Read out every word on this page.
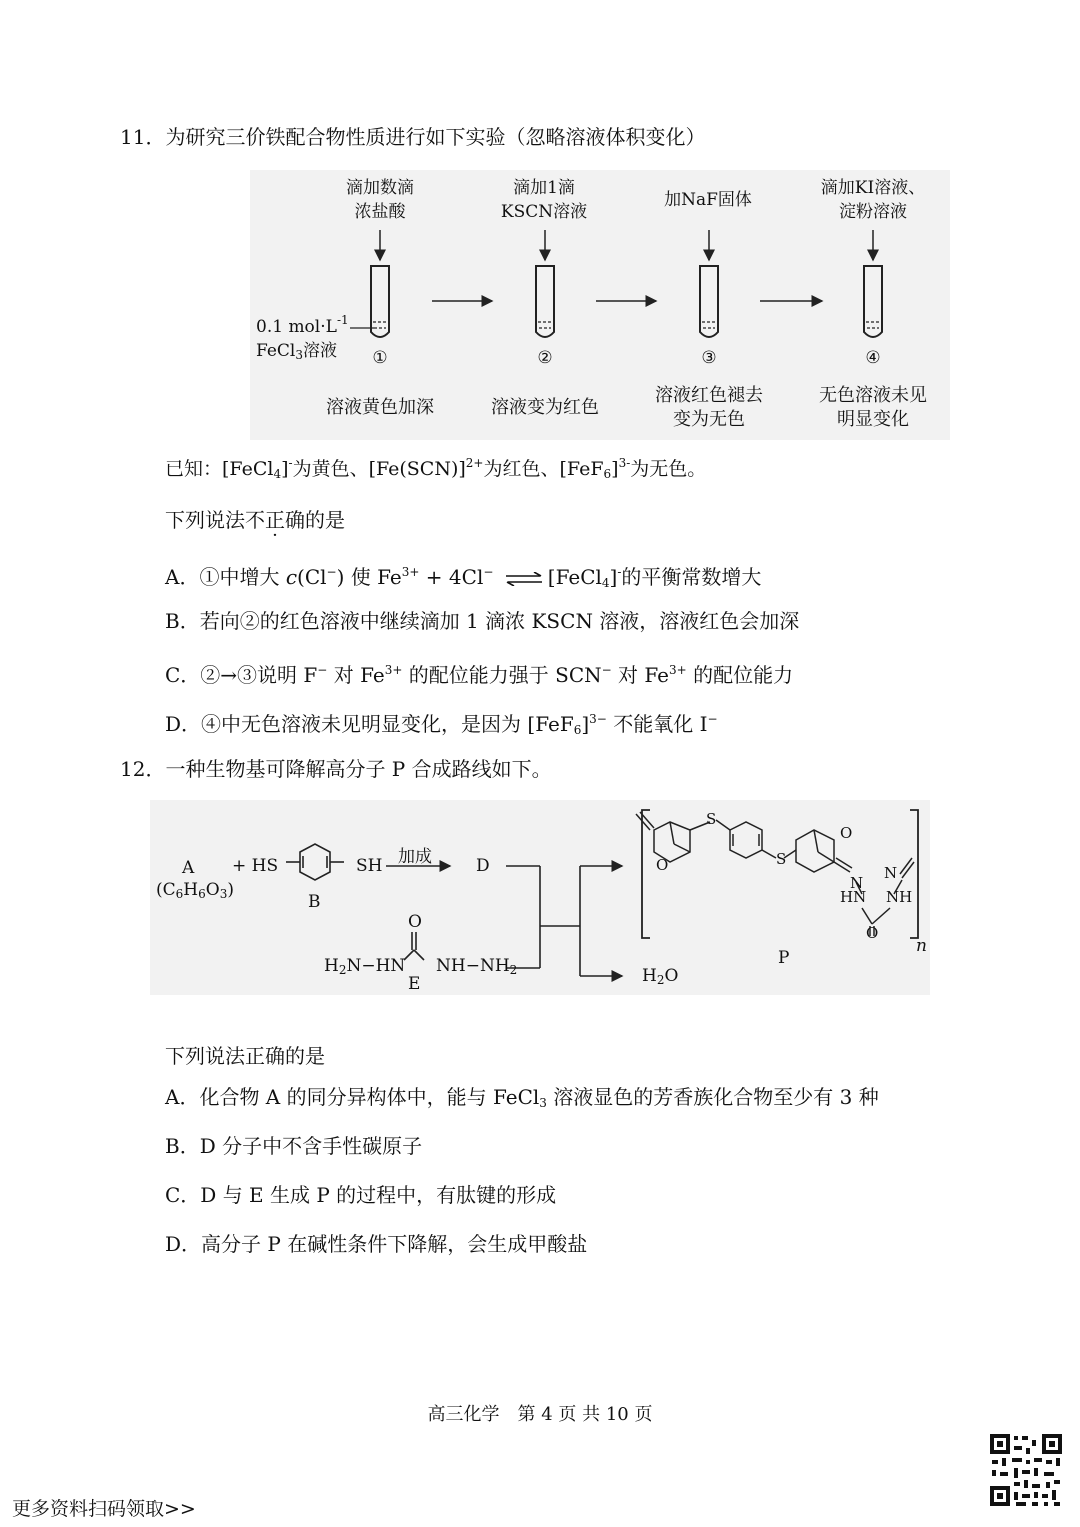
11．为研究三价铁配合物性质进行如下实验（忽略溶液体积变化）
滴加数滴
浓盐酸
滴加1滴
KSCN溶液
加NaF固体
滴加KI溶液、
淀粉溶液
0.1 $mol\cdot L^{-1}$
FeCl$_3$溶液	①	②	③	④
溶液黄色加深	溶液变为红色
溶液红色褪去
变为无色
无色溶液未见
明显变化
已知：[FeCl$_4$]-为黄色、$[Fe(SCN)]^{2+}$为红色、$[FeF_6]^{3-}$为无色。
下列说法不正确的是
A．①中增大 c(Cl−) 使 $Fe^{3+} + 4Cl^-$ ⇌ [FeCl$_4$]-的平衡常数增大
B．若向②的红色溶液中继续滴加 1 滴浓 KSCN 溶液，溶液红色会加深
C．②→③说明 F− 对 $Fe^{3+}$ 的配位能力强于 SCN− 对 $Fe^{3+}$ 的配位能力
D．④中无色溶液未见明显变化，是因为 $[FeF_6]^{3-}$ 不能氧化 I−
12．一种生物基可降解高分子 P 合成路线如下。
A
$(C_6H_6O_3)$
+ HS	SH
B
加成	D
$H_2N-HN$ $NH-NH_2$
O
E	$H_2O$
S
S
O
O
N
N
HN NH
O
P
n
下列说法正确的是
A．化合物 A 的同分异构体中，能与 FeCl$_3$ 溶液显色的芳香族化合物至少有 3 种
B．D 分子中不含手性碳原子
C．D 与 E 生成 P 的过程中，有肽键的形成
D．高分子 P 在碱性条件下降解，会生成甲酸盐
高三化学　第 4 页 共 10 页
更多资料扫码领取>>
